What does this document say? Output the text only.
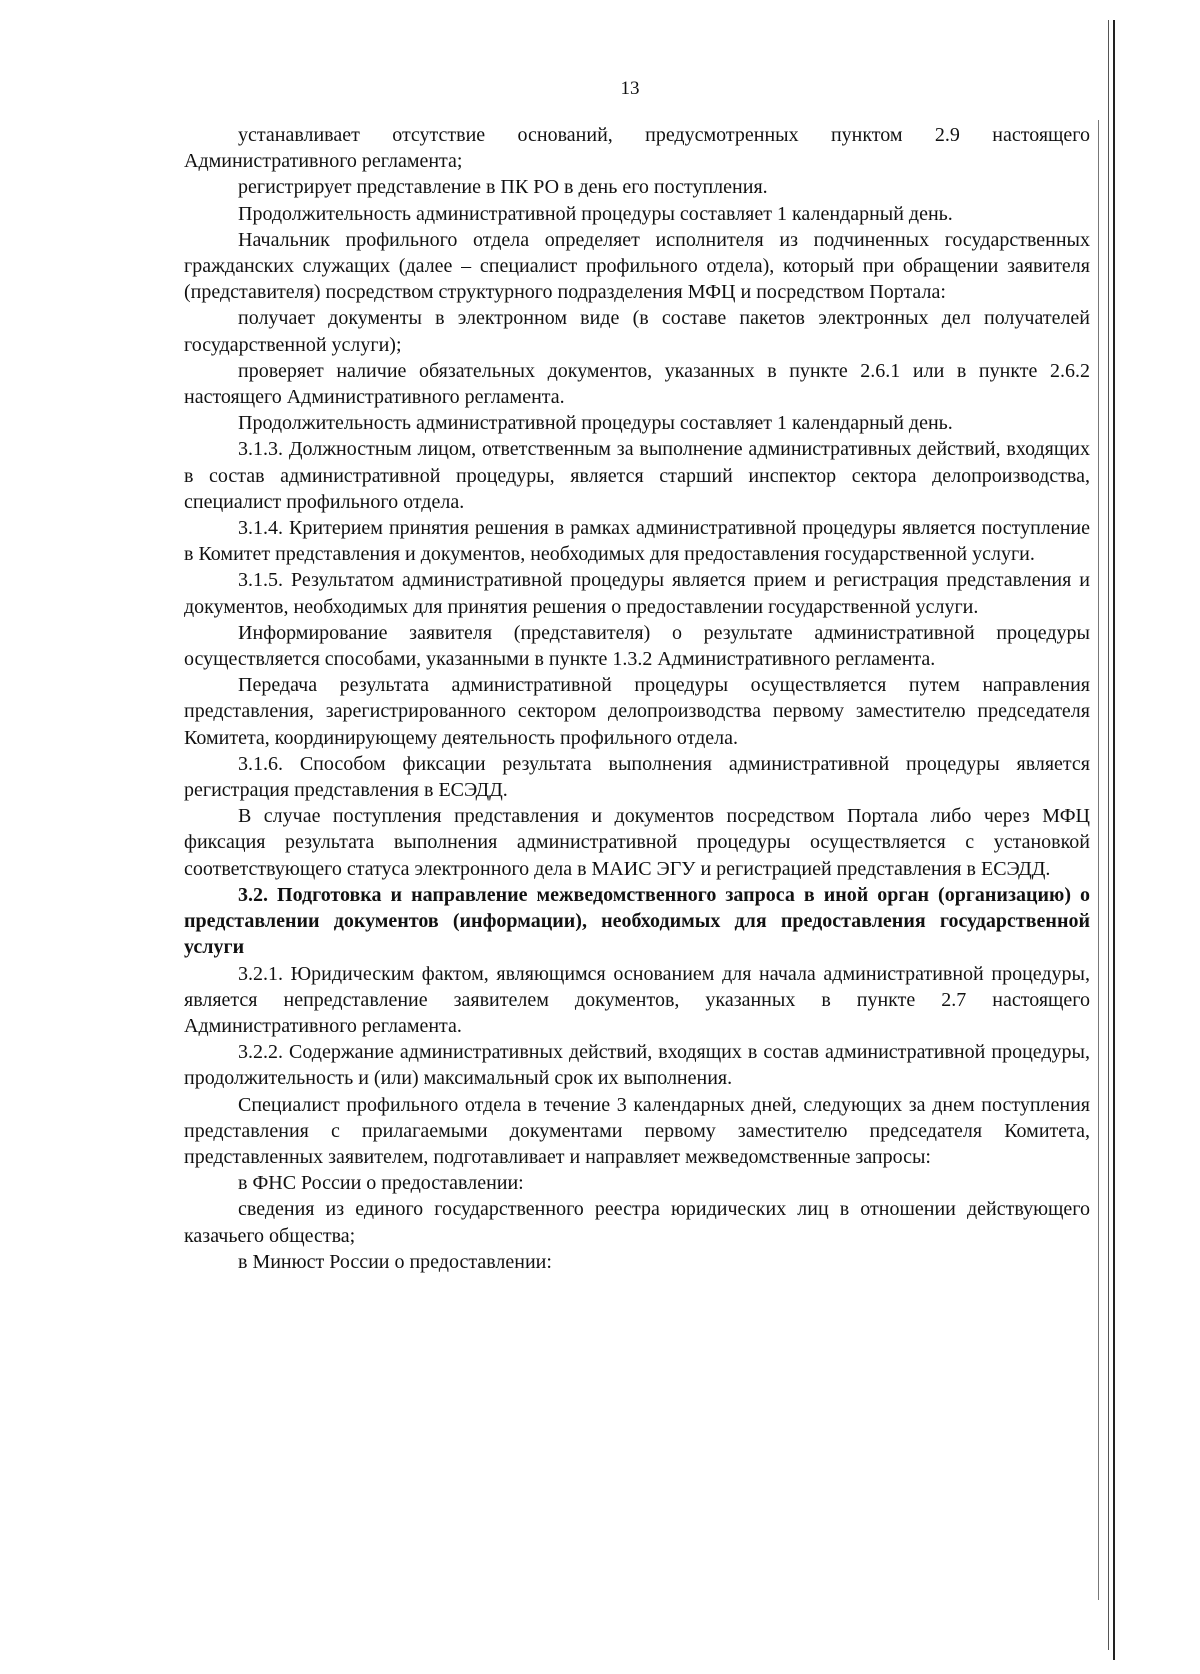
13

устанавливает отсутствие оснований, предусмотренных пунктом 2.9 настоящего Административного регламента;

регистрирует представление в ПК РО в день его поступления.

Продолжительность административной процедуры составляет 1 календарный день.

Начальник профильного отдела определяет исполнителя из подчиненных государственных гражданских служащих (далее – специалист профильного отдела), который при обращении заявителя (представителя) посредством структурного подразделения МФЦ и посредством Портала:

получает документы в электронном виде (в составе пакетов электронных дел получателей государственной услуги);

проверяет наличие обязательных документов, указанных в пункте 2.6.1 или в пункте 2.6.2 настоящего Административного регламента.

Продолжительность административной процедуры составляет 1 календарный день.

3.1.3. Должностным лицом, ответственным за выполнение административных действий, входящих в состав административной процедуры, является старший инспектор сектора делопроизводства, специалист профильного отдела.

3.1.4. Критерием принятия решения в рамках административной процедуры является поступление в Комитет представления и документов, необходимых для предоставления государственной услуги.

3.1.5. Результатом административной процедуры является прием и регистрация представления и документов, необходимых для принятия решения о предоставлении государственной услуги.

Информирование заявителя (представителя) о результате административной процедуры осуществляется способами, указанными в пункте 1.3.2 Административного регламента.

Передача результата административной процедуры осуществляется путем направления представления, зарегистрированного сектором делопроизводства первому заместителю председателя Комитета, координирующему деятельность профильного отдела.

3.1.6. Способом фиксации результата выполнения административной процедуры является регистрация представления в ЕСЭДД.

В случае поступления представления и документов посредством Портала либо через МФЦ фиксация результата выполнения административной процедуры осуществляется с установкой соответствующего статуса электронного дела в МАИС ЭГУ и регистрацией представления в ЕСЭДД.

3.2. Подготовка и направление межведомственного запроса в иной орган (организацию) о представлении документов (информации), необходимых для предоставления государственной услуги

3.2.1. Юридическим фактом, являющимся основанием для начала административной процедуры, является непредставление заявителем документов, указанных в пункте 2.7 настоящего Административного регламента.

3.2.2. Содержание административных действий, входящих в состав административной процедуры, продолжительность и (или) максимальный срок их выполнения.

Специалист профильного отдела в течение 3 календарных дней, следующих за днем поступления представления с прилагаемыми документами первому заместителю председателя Комитета, представленных заявителем, подготавливает и направляет межведомственные запросы:

в ФНС России о предоставлении:

сведения из единого государственного реестра юридических лиц в отношении действующего казачьего общества;

в Минюст России о предоставлении:
